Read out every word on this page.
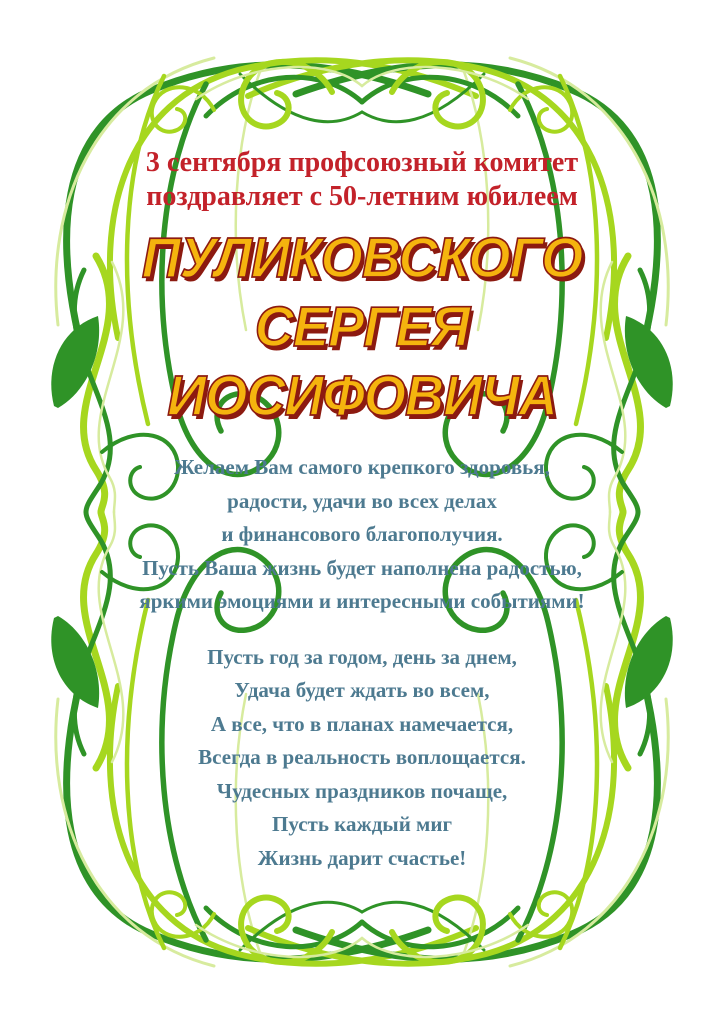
3 сентября профсоюзный комитет
поздравляет с 50-летним юбилеем
ПУЛИКОВСКОГО
СЕРГЕЯ
ИОСИФОВИЧА
Желаем Вам самого крепкого здоровья,
радости, удачи во всех делах
и финансового благополучия.
Пусть Ваша жизнь будет наполнена радостью,
яркими эмоциями и интересными событиями!
Пусть год за годом, день за днем,
Удача будет ждать во всем,
А все, что в планах намечается,
Всегда в реальность воплощается.
Чудесных праздников почаще,
Пусть каждый миг
Жизнь дарит счастье!
